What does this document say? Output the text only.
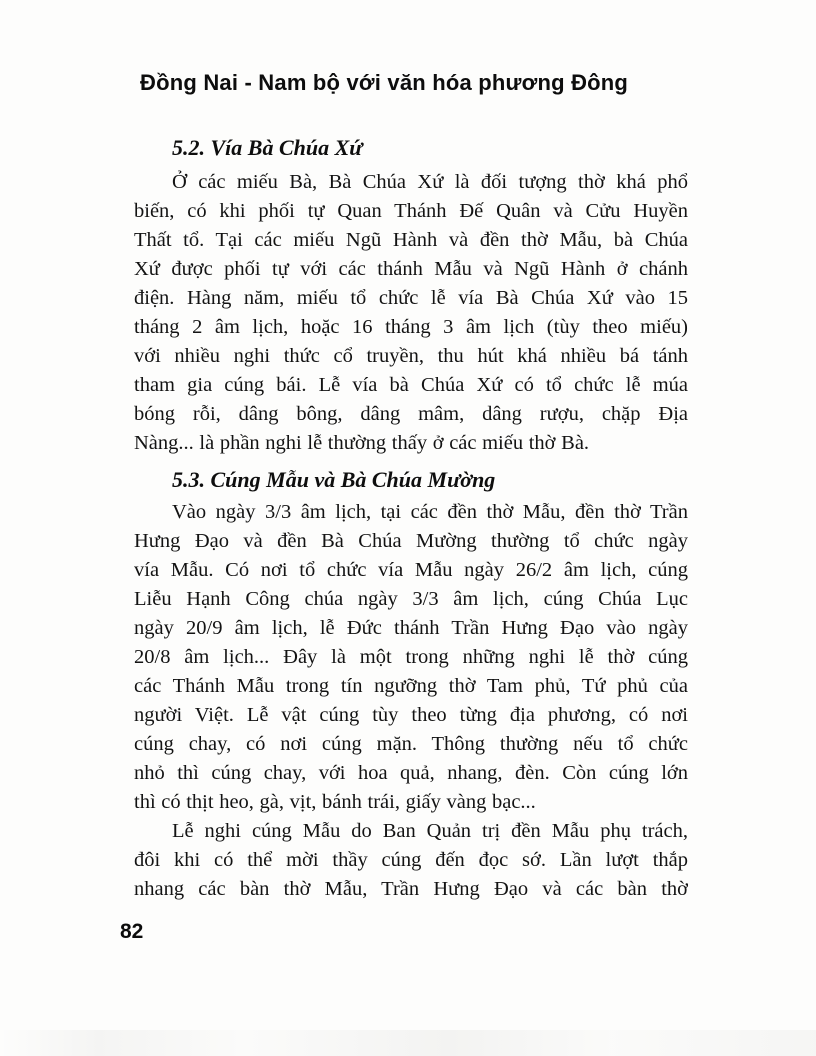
Đồng Nai - Nam bộ với văn hóa phương Đông
5.2. Vía Bà Chúa Xứ
Ở các miếu Bà, Bà Chúa Xứ là đối tượng thờ khá phổ
biến, có khi phối tự Quan Thánh Đế Quân và Cửu Huyền
Thất tổ. Tại các miếu Ngũ Hành và đền thờ Mẫu, bà Chúa
Xứ được phối tự với các thánh Mẫu và Ngũ Hành ở chánh
điện. Hàng năm, miếu tổ chức lễ vía Bà Chúa Xứ vào 15
tháng 2 âm lịch, hoặc 16 tháng 3 âm lịch (tùy theo miếu)
với nhiều nghi thức cổ truyền, thu hút khá nhiều bá tánh
tham gia cúng bái. Lễ vía bà Chúa Xứ có tổ chức lễ múa
bóng rỗi, dâng bông, dâng mâm, dâng rượu, chặp Địa
Nàng... là phần nghi lễ thường thấy ở các miếu thờ Bà.
5.3. Cúng Mẫu và Bà Chúa Mường
Vào ngày 3/3 âm lịch, tại các đền thờ Mẫu, đền thờ Trần
Hưng Đạo và đền Bà Chúa Mường thường tổ chức ngày
vía Mẫu. Có nơi tổ chức vía Mẫu ngày 26/2 âm lịch, cúng
Liễu Hạnh Công chúa ngày 3/3 âm lịch, cúng Chúa Lục
ngày 20/9 âm lịch, lễ Đức thánh Trần Hưng Đạo vào ngày
20/8 âm lịch... Đây là một trong những nghi lễ thờ cúng
các Thánh Mẫu trong tín ngưỡng thờ Tam phủ, Tứ phủ của
người Việt. Lễ vật cúng tùy theo từng địa phương, có nơi
cúng chay, có nơi cúng mặn. Thông thường nếu tổ chức
nhỏ thì cúng chay, với hoa quả, nhang, đèn. Còn cúng lớn
thì có thịt heo, gà, vịt, bánh trái, giấy vàng bạc...
Lễ nghi cúng Mẫu do Ban Quản trị đền Mẫu phụ trách,
đôi khi có thể mời thầy cúng đến đọc sớ. Lần lượt thắp
nhang các bàn thờ Mẫu, Trần Hưng Đạo và các bàn thờ
82
